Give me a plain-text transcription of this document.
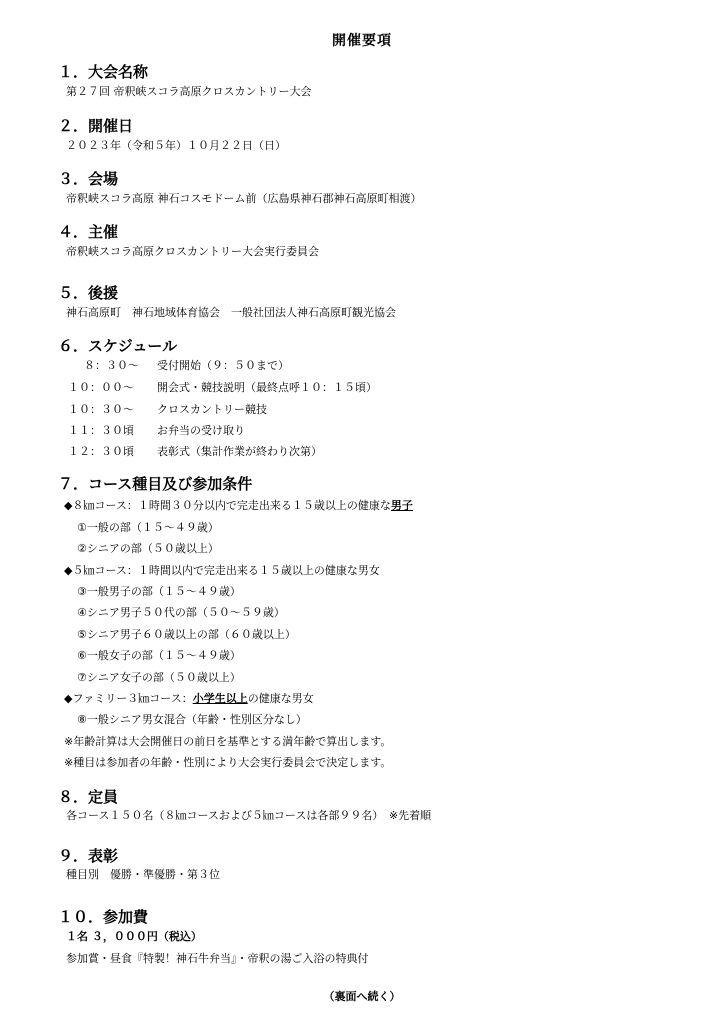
開催要項
１．大会名称
第２７回 帝釈峡スコラ高原クロスカントリー大会
２．開催日
２０２３年（令和５年）１０月２２日（日）
３．会場
帝釈峡スコラ高原 神石コスモドーム前（広島県神石郡神石高原町相渡）
４．主催
帝釈峡スコラ高原クロスカントリー大会実行委員会
５．後援
神石高原町　神石地域体育協会　一般社団法人神石高原町観光協会
６．スケジュール
８：３０～ 受付開始（９：５０まで）
１０：００～ 開会式・競技説明（最終点呼１０：１５頃）
１０：３０～ クロスカントリー競技
１１：３０頃 お弁当の受け取り
１２：３０頃 表彰式（集計作業が終わり次第）
７．コース種目及び参加条件
◆８㎞コース：１時間３０分以内で完走出来る１５歳以上の健康な男子
①一般の部（１５～４９歳）
②シニアの部（５０歳以上）
◆５㎞コース：１時間以内で完走出来る１５歳以上の健康な男女
③一般男子の部（１５～４９歳）
④シニア男子５０代の部（５０～５９歳）
⑤シニア男子６０歳以上の部（６０歳以上）
⑥一般女子の部（１５～４９歳）
⑦シニア女子の部（５０歳以上）
◆ファミリー３㎞コース：小学生以上の健康な男女
⑧一般シニア男女混合（年齢・性別区分なし）
※年齢計算は大会開催日の前日を基準とする満年齢で算出します。
※種目は参加者の年齢・性別により大会実行委員会で決定します。
８．定員
各コース１５０名（８㎞コースおよび５㎞コースは各部９９名）　※先着順
９．表彰
種目別　優勝・準優勝・第３位
１０．参加費
１名 ３，０００円（税込）
参加賞・昼食『特製！神石牛弁当』・帝釈の湯ご入浴の特典付
（裏面へ続く）
